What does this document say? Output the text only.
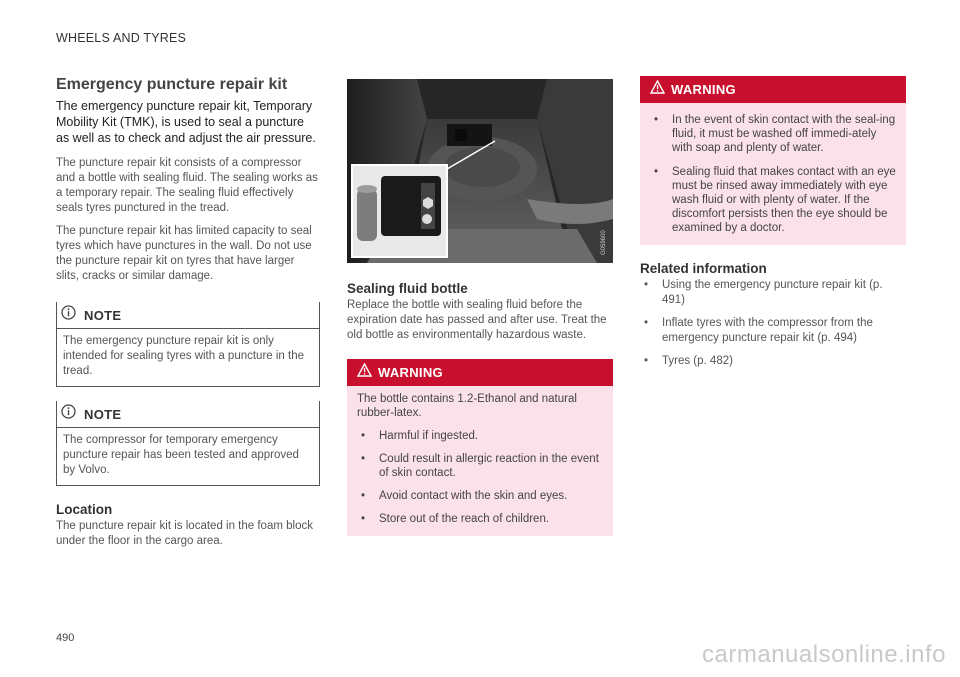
WHEELS AND TYRES
Emergency puncture repair kit
The emergency puncture repair kit, Temporary Mobility Kit (TMK), is used to seal a puncture as well as to check and adjust the air pressure.

The puncture repair kit consists of a compressor and a bottle with sealing fluid. The sealing works as a temporary repair. The sealing fluid effectively seals tyres punctured in the tread.

The puncture repair kit has limited capacity to seal tyres which have punctures in the wall. Do not use the puncture repair kit on tyres that have larger slits, cracks or similar damage.

NOTE
The emergency puncture repair kit is only intended for sealing tyres with a puncture in the tread.
NOTE
The compressor for temporary emergency puncture repair has been tested and approved by Volvo.
Location

The puncture repair kit is located in the foam block under the floor in the cargo area.

G059600
Sealing fluid bottle

Replace the bottle with sealing fluid before the expiration date has passed and after use. Treat the old bottle as environmentally hazardous waste.

WARNING
The bottle contains 1.2-Ethanol and natural rubber-latex.
•	Harmful if ingested.
•	Could result in allergic reaction in the event of skin contact.
•	Avoid contact with the skin and eyes.
•	Store out of the reach of children.
WARNING
•	In the event of skin contact with the seal-ing fluid, it must be washed off immedi-ately with soap and plenty of water.
•	Sealing fluid that makes contact with an eye must be rinsed away immediately with eye wash fluid or with plenty of water. If the discomfort persists then the eye should be examined by a doctor.
Related information
•	Using the emergency puncture repair kit (p. 491)
•	Inflate tyres with the compressor from the emergency puncture repair kit (p. 494)
•	Tyres (p. 482)
490
carmanualsonline.info
